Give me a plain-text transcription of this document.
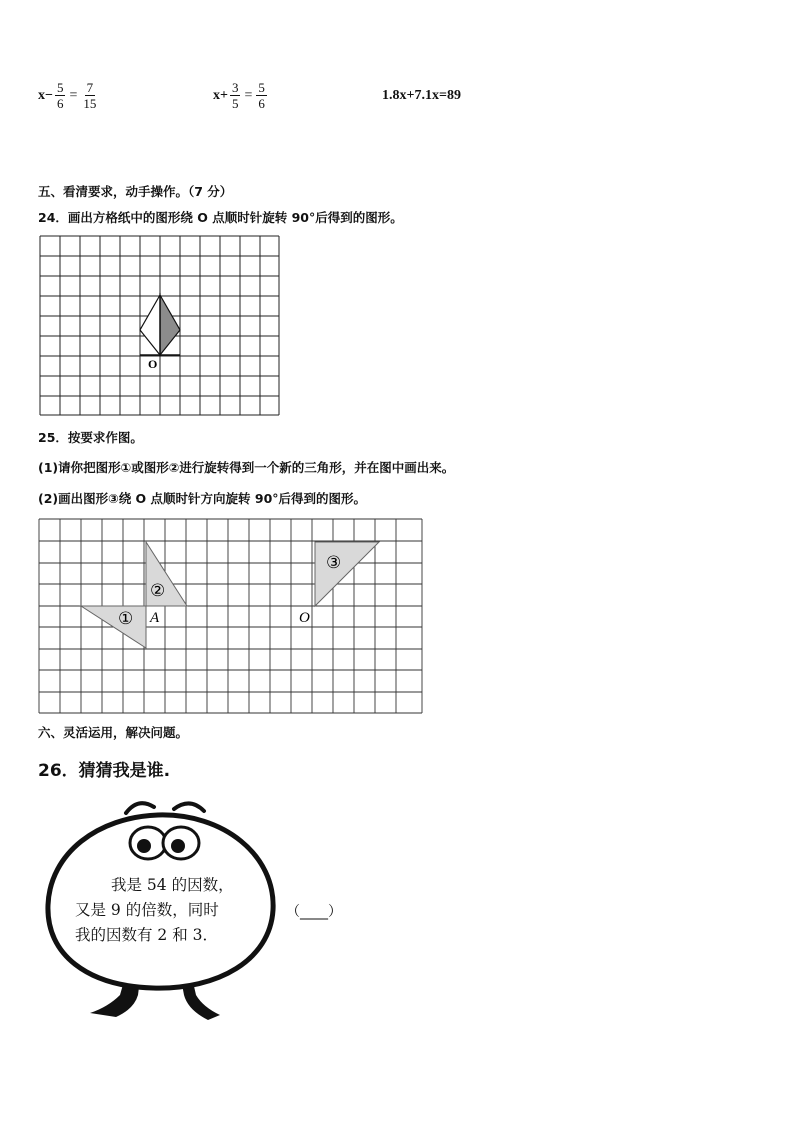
$x- \frac{5}{6} = \frac{7}{15}$	$x+ \frac{3}{5} = \frac{5}{6}$	1.8x+7.1x=89
五、看清要求，动手操作。（7 分）
24．画出方格纸中的图形绕 O 点顺时针旋转 90°后得到的图形。
O
25．按要求作图。
(1)请你把图形①或图形②进行旋转得到一个新的三角形，并在图中画出来。
(2)画出图形③绕 O 点顺时针方向旋转 90°后得到的图形。
①
②
A
③
O
六、灵活运用，解决问题。
26．猜猜我是谁.
我是 54 的因数，
又是 9 的倍数，同时
我的因数有 2 和 3．
（____）
